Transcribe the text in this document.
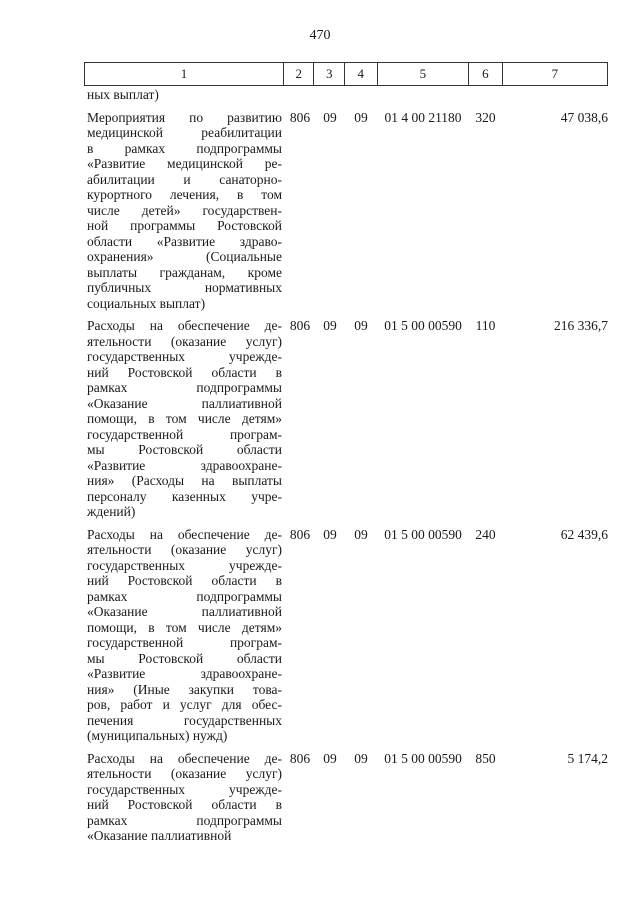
470
1	2	3	4	5	6	7
ных выплат)
Мероприятия по развитию
медицинской реабилитации
в рамках подпрограммы
«Развитие медицинской ре-
абилитации и санаторно-
курортного лечения, в том
числе детей» государствен-
ной программы Ростовской
области «Развитие здраво-
охранения» (Социальные
выплаты гражданам, кроме
публичных нормативных
социальных выплат)
806 09	09	01 4 00 21180	320	47 038,6
Расходы на обеспечение де-
ятельности (оказание услуг)
государственных учрежде-
ний Ростовской области в
рамках подпрограммы
«Оказание паллиативной
помощи, в том числе детям»
государственной програм-
мы Ростовской области
«Развитие здравоохране-
ния» (Расходы на выплаты
персоналу казенных учре-
ждений)
806 09	09	01 5 00 00590	110	216 336,7
Расходы на обеспечение де-
ятельности (оказание услуг)
государственных учрежде-
ний Ростовской области в
рамках подпрограммы
«Оказание паллиативной
помощи, в том числе детям»
государственной програм-
мы Ростовской области
«Развитие здравоохране-
ния» (Иные закупки това-
ров, работ и услуг для обес-
печения государственных
(муниципальных) нужд)
806 09	09	01 5 00 00590	240	62 439,6
Расходы на обеспечение де-
ятельности (оказание услуг)
государственных учрежде-
ний Ростовской области в
рамках подпрограммы
«Оказание паллиативной
806 09	09	01 5 00 00590	850	5 174,2
